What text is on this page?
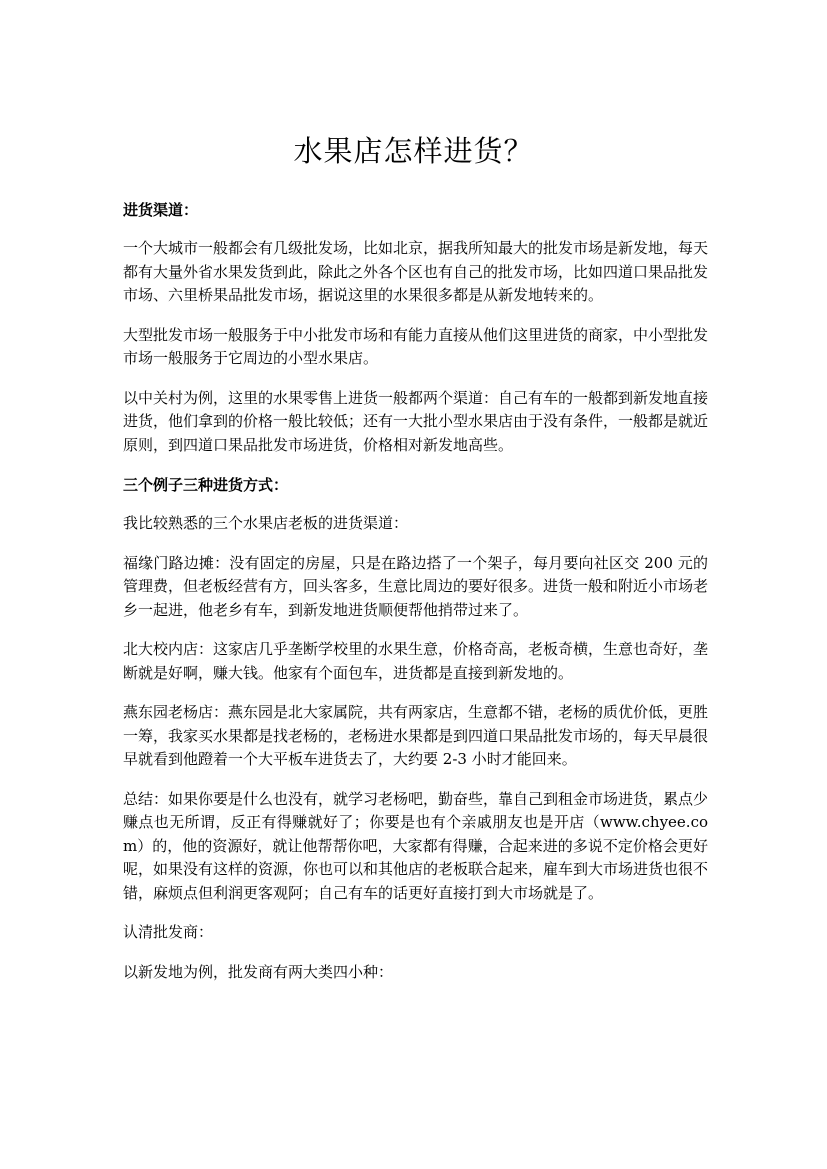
水果店怎样进货？
进货渠道：

一个大城市一般都会有几级批发场，比如北京，据我所知最大的批发市场是新发地，每天都有大量外省水果发货到此，除此之外各个区也有自己的批发市场，比如四道口果品批发市场、六里桥果品批发市场，据说这里的水果很多都是从新发地转来的。

大型批发市场一般服务于中小批发市场和有能力直接从他们这里进货的商家，中小型批发市场一般服务于它周边的小型水果店。

以中关村为例，这里的水果零售上进货一般都两个渠道：自己有车的一般都到新发地直接进货，他们拿到的价格一般比较低；还有一大批小型水果店由于没有条件，一般都是就近原则，到四道口果品批发市场进货，价格相对新发地高些。

三个例子三种进货方式：

我比较熟悉的三个水果店老板的进货渠道：

福缘门路边摊：没有固定的房屋，只是在路边搭了一个架子，每月要向社区交 200 元的管理费，但老板经营有方，回头客多，生意比周边的要好很多。进货一般和附近小市场老乡一起进，他老乡有车，到新发地进货顺便帮他捎带过来了。

北大校内店：这家店几乎垄断学校里的水果生意，价格奇高，老板奇横，生意也奇好，垄断就是好啊，赚大钱。他家有个面包车，进货都是直接到新发地的。

燕东园老杨店：燕东园是北大家属院，共有两家店，生意都不错，老杨的质优价低，更胜一筹，我家买水果都是找老杨的，老杨进水果都是到四道口果品批发市场的，每天早晨很早就看到他蹬着一个大平板车进货去了，大约要 2-3 小时才能回来。

总结：如果你要是什么也没有，就学习老杨吧，勤奋些，靠自己到租金市场进货，累点少赚点也无所谓，反正有得赚就好了；你要是也有个亲戚朋友也是开店（www.chyee.com）的，他的资源好，就让他帮帮你吧，大家都有得赚，合起来进的多说不定价格会更好呢，如果没有这样的资源，你也可以和其他店的老板联合起来，雇车到大市场进货也很不错，麻烦点但利润更客观阿；自己有车的话更好直接打到大市场就是了。

认清批发商：

以新发地为例，批发商有两大类四小种：
